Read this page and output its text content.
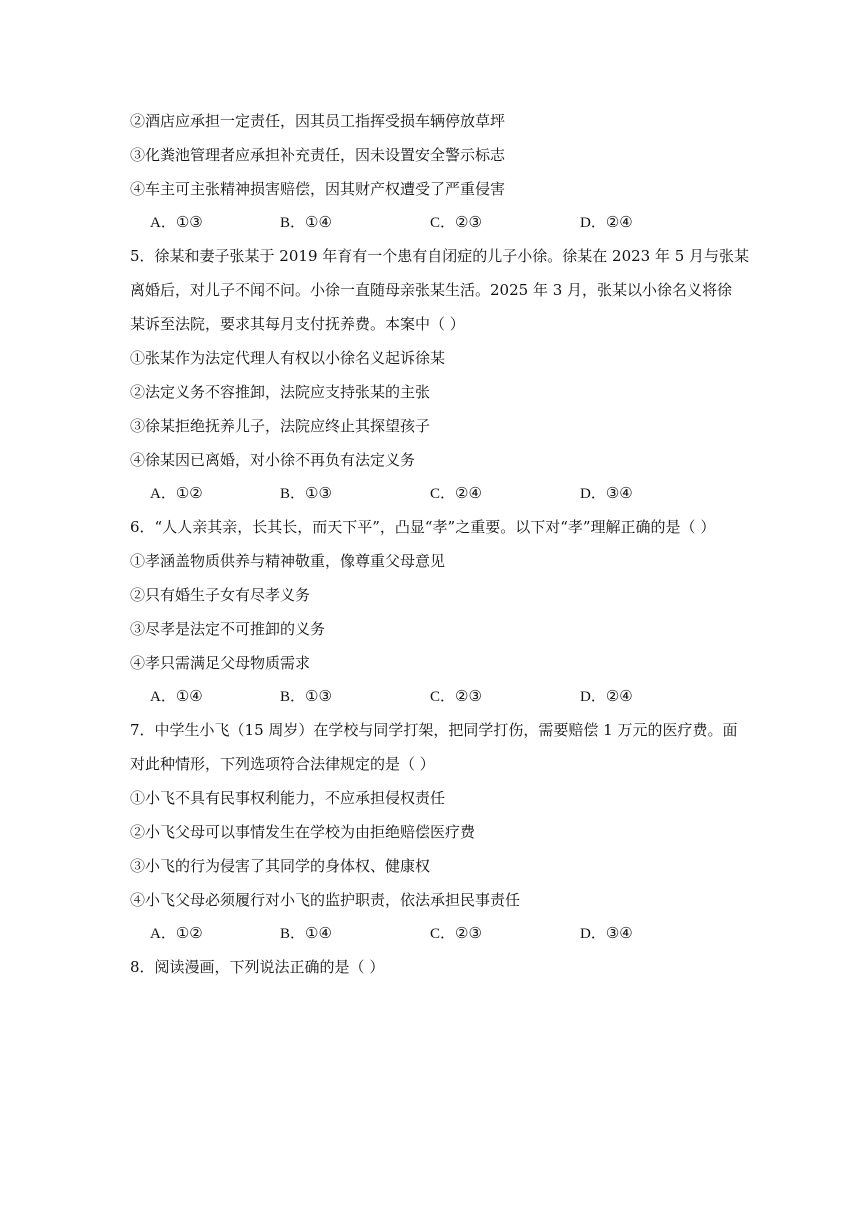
②酒店应承担一定责任，因其员工指挥受损车辆停放草坪
③化粪池管理者应承担补充责任，因未设置安全警示标志
④车主可主张精神损害赔偿，因其财产权遭受了严重侵害
A．①③	B．①④	C．②③	D．②④
5．徐某和妻子张某于 2019 年育有一个患有自闭症的儿子小徐。徐某在 2023 年 5 月与张某
离婚后，对儿子不闻不问。小徐一直随母亲张某生活。2025 年 3 月，张某以小徐名义将徐
某诉至法院，要求其每月支付抚养费。本案中（ ）
①张某作为法定代理人有权以小徐名义起诉徐某
②法定义务不容推卸，法院应支持张某的主张
③徐某拒绝抚养儿子，法院应终止其探望孩子
④徐某因已离婚，对小徐不再负有法定义务
A．①②	B．①③	C．②④	D．③④
6．“人人亲其亲，长其长，而天下平”，凸显“孝”之重要。以下对“孝”理解正确的是（ ）
①孝涵盖物质供养与精神敬重，像尊重父母意见
②只有婚生子女有尽孝义务
③尽孝是法定不可推卸的义务
④孝只需满足父母物质需求
A．①④	B．①③	C．②③	D．②④
7．中学生小飞（15 周岁）在学校与同学打架，把同学打伤，需要赔偿 1 万元的医疗费。面
对此种情形，下列选项符合法律规定的是（ ）
①小飞不具有民事权利能力，不应承担侵权责任
②小飞父母可以事情发生在学校为由拒绝赔偿医疗费
③小飞的行为侵害了其同学的身体权、健康权
④小飞父母必须履行对小飞的监护职责，依法承担民事责任
A．①②	B．①④	C．②③	D．③④
8．阅读漫画，下列说法正确的是（ ）
